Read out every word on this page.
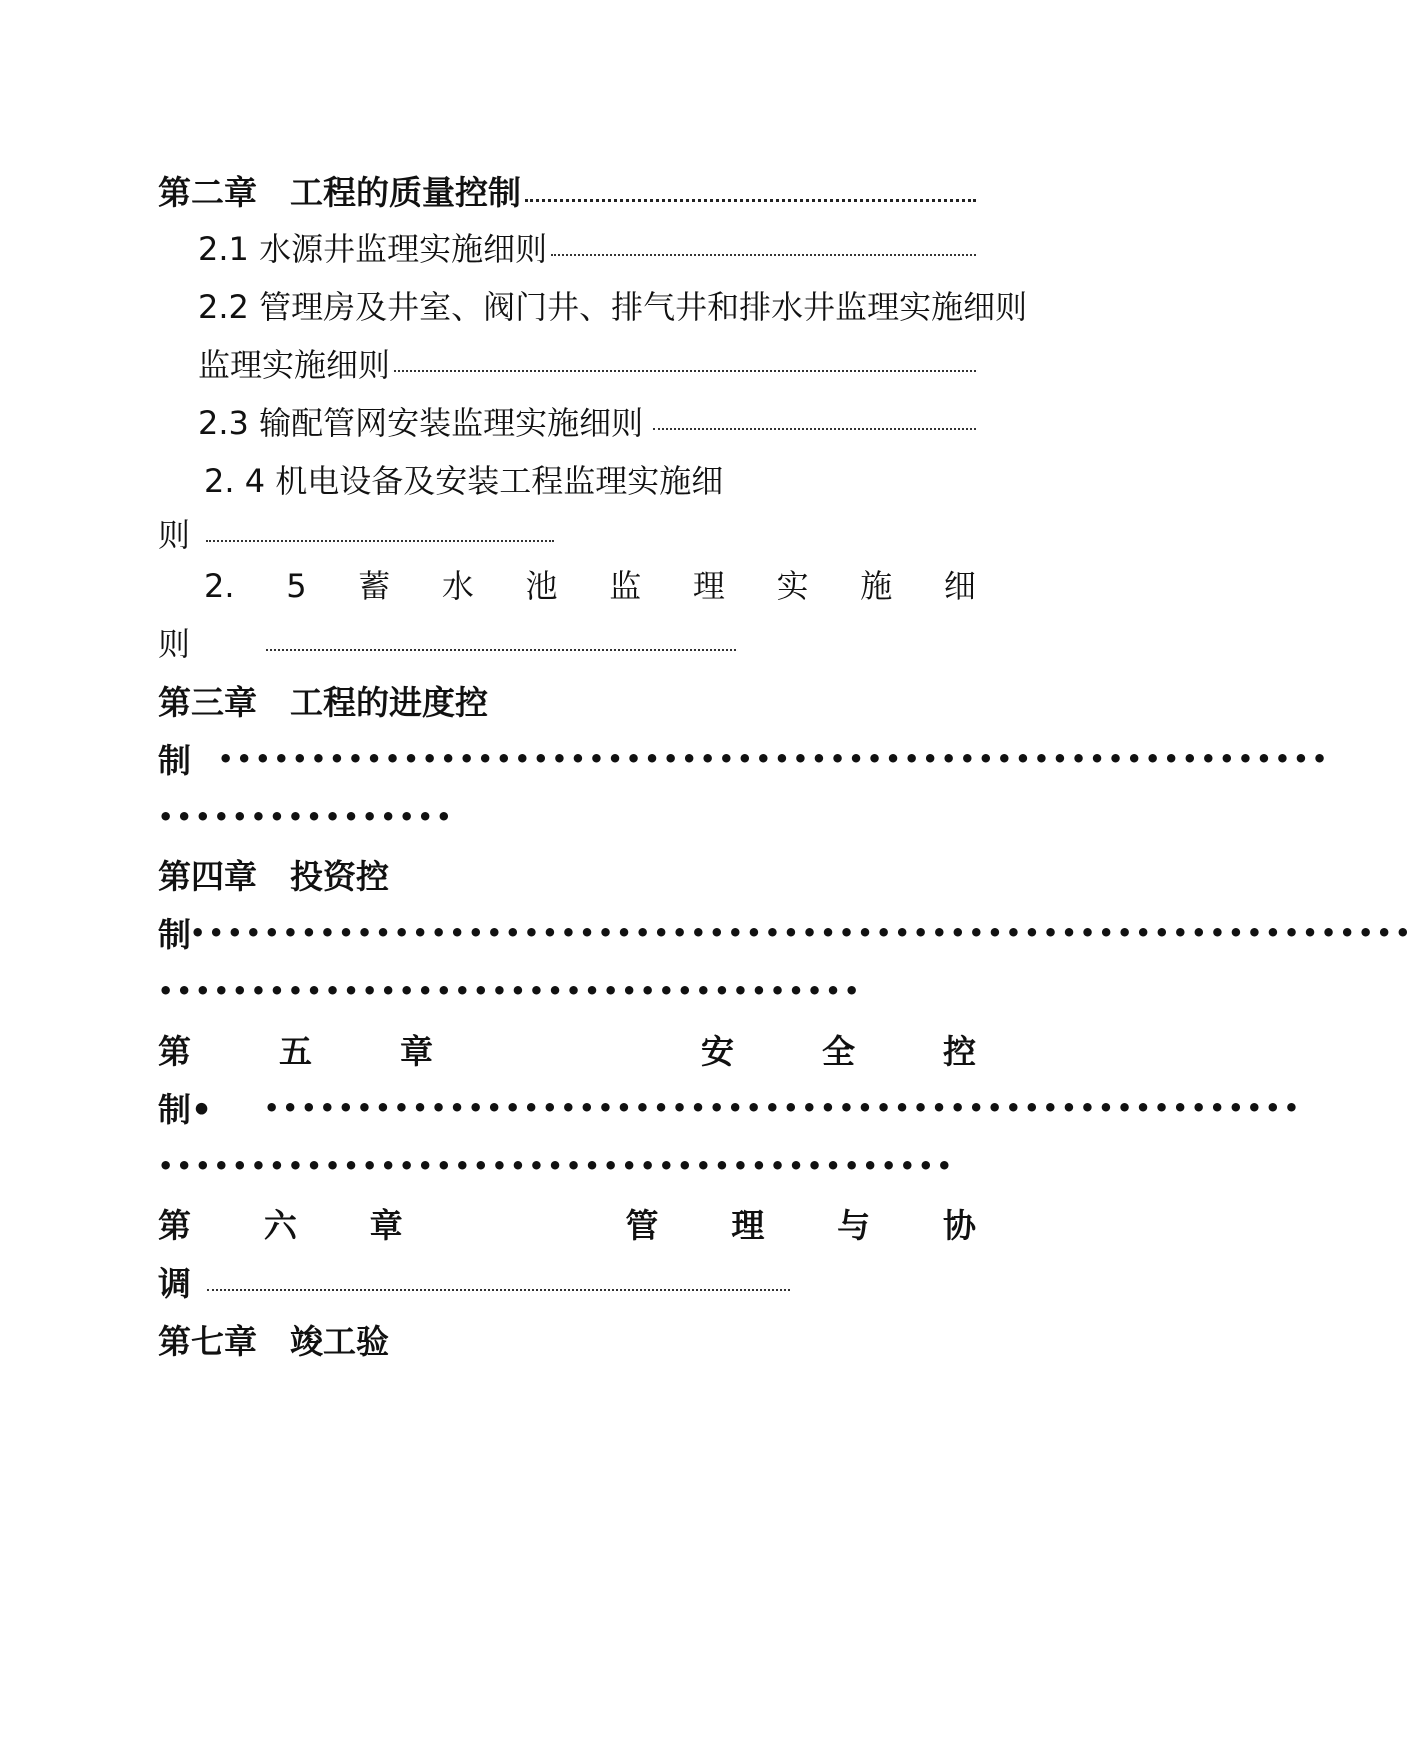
第二章　工程的质量控制
2.1 水源井监理实施细则
2.2 管理房及井室、阀门井、排气井和排水井监理实施细则
监理实施细则
2.3 输配管网安装监理实施细则
2. 4 机电设备及安装工程监理实施细
则
2. 5 蓄 水 池 监 理 实 施 细
则
第三章　工程的进度控
制 ••••••••••••••••••••••••••••••••••••••••••••••••••••••••••••
••••••••••••••••
第四章　投资控
制 ••••••••••••••••••••••••••••••••••••••••••••••••••••••••••••••••••
••••••••••••••••••••••••••••••••••••••
第	五	章	安	全	控
制• ••••••••••••••••••••••••••••••••••••••••••••••••••••••••
•••••••••••••••••••••••••••••••••••••••••••
第 六 章	管 理 与 协
调
第七章　竣工验
